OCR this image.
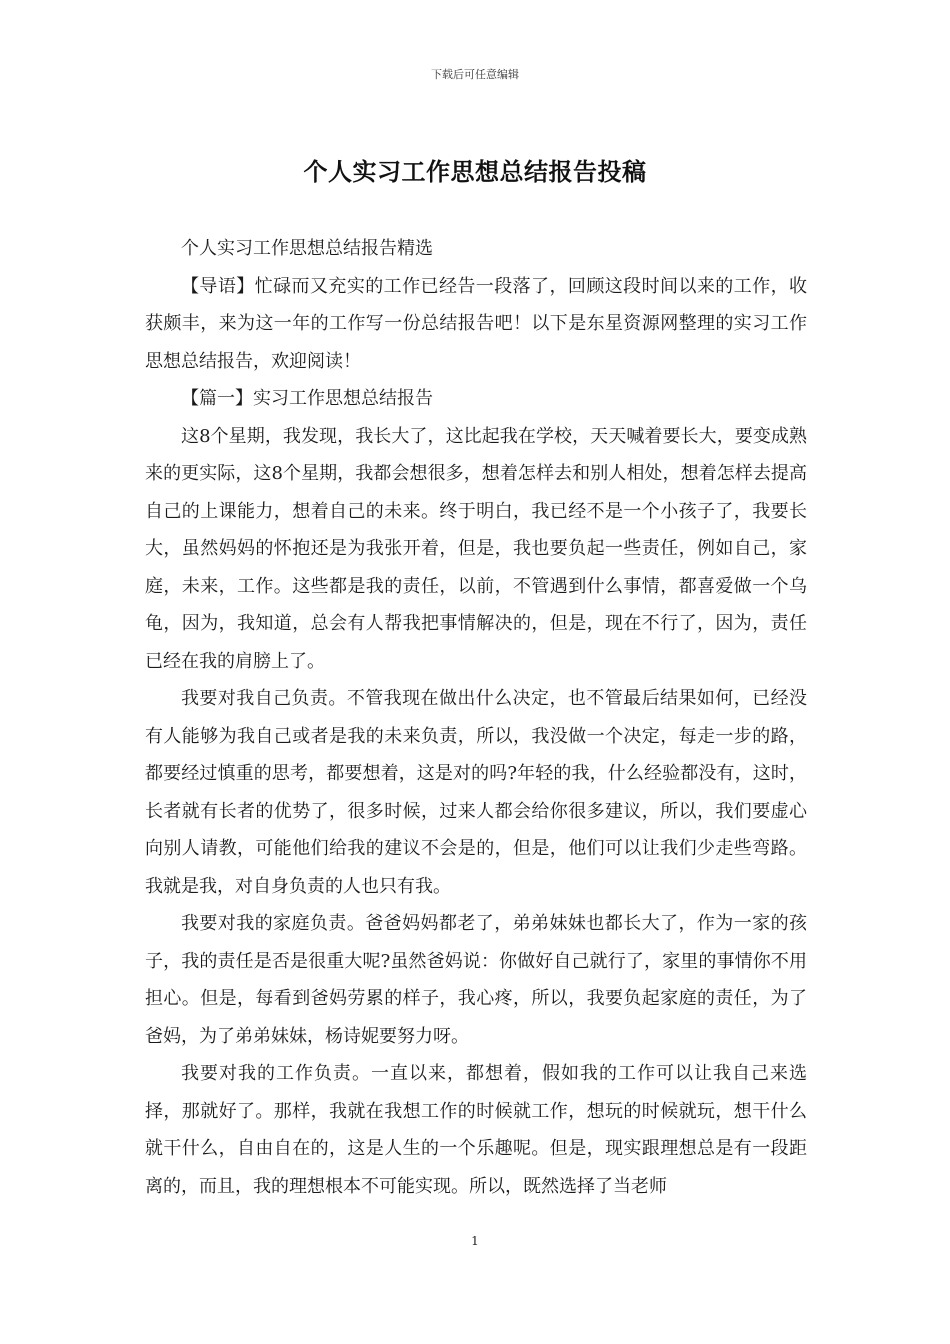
下载后可任意编辑
个人实习工作思想总结报告投稿

个人实习工作思想总结报告精选

【导语】忙碌而又充实的工作已经告一段落了，回顾这段时间以来的工作，收获颇丰，来为这一年的工作写一份总结报告吧！以下是东星资源网整理的实习工作思想总结报告，欢迎阅读！

【篇一】实习工作思想总结报告

这8个星期，我发现，我长大了，这比起我在学校，天天喊着要长大，要变成熟来的更实际，这8个星期，我都会想很多，想着怎样去和别人相处，想着怎样去提高自己的上课能力，想着自己的未来。终于明白，我已经不是一个小孩子了，我要长大，虽然妈妈的怀抱还是为我张开着，但是，我也要负起一些责任，例如自己，家庭，未来，工作。这些都是我的责任，以前，不管遇到什么事情，都喜爱做一个乌龟，因为，我知道，总会有人帮我把事情解决的，但是，现在不行了，因为，责任已经在我的肩膀上了。

我要对我自己负责。不管我现在做出什么决定，也不管最后结果如何，已经没有人能够为我自己或者是我的未来负责，所以，我没做一个决定，每走一步的路，都要经过慎重的思考，都要想着，这是对的吗?年轻的我，什么经验都没有，这时，长者就有长者的优势了，很多时候，过来人都会给你很多建议，所以，我们要虚心向别人请教，可能他们给我的建议不会是的，但是，他们可以让我们少走些弯路。我就是我，对自身负责的人也只有我。

我要对我的家庭负责。爸爸妈妈都老了，弟弟妹妹也都长大了，作为一家的孩子，我的责任是否是很重大呢?虽然爸妈说：你做好自己就行了，家里的事情你不用担心。但是，每看到爸妈劳累的样子，我心疼，所以，我要负起家庭的责任，为了爸妈，为了弟弟妹妹，杨诗妮要努力呀。

我要对我的工作负责。一直以来，都想着，假如我的工作可以让我自己来选择，那就好了。那样，我就在我想工作的时候就工作，想玩的时候就玩，想干什么就干什么，自由自在的，这是人生的一个乐趣呢。但是，现实跟理想总是有一段距离的，而且，我的理想根本不可能实现。所以，既然选择了当老师

1
